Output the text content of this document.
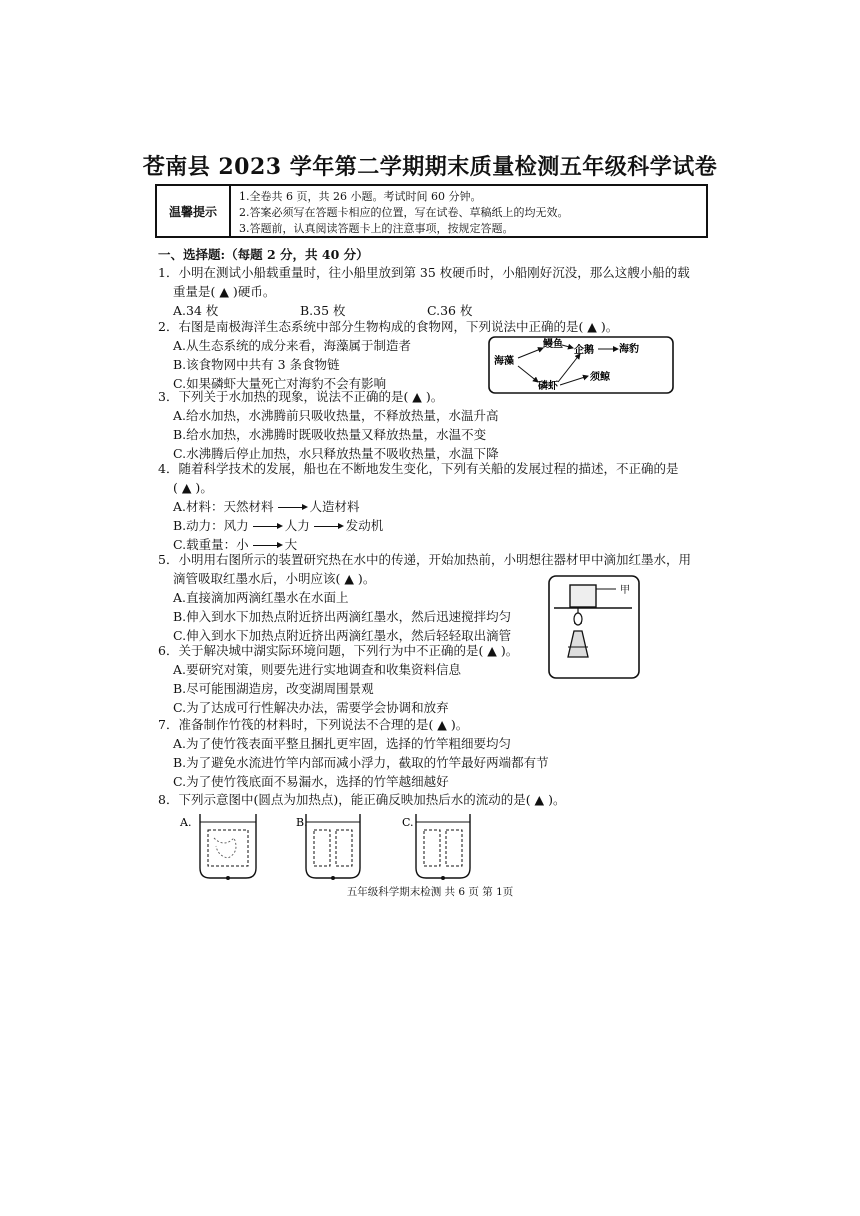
苍南县 2023 学年第二学期期末质量检测五年级科学试卷
温馨提示
1.全卷共 6 页，共 26 小题。考试时间 60 分钟。
2.答案必须写在答题卡相应的位置，写在试卷、草稿纸上的均无效。
3.答题前，认真阅读答题卡上的注意事项，按规定答题。
一、选择题:（每题 2 分，共 40 分）
1．小明在测试小船载重量时，往小船里放到第 35 枚硬币时，小船刚好沉没，那么这艘小船的载
重量是( ▲ )硬币。
A.34 枚	B.35 枚	C.36 枚
2．右图是南极海洋生态系统中部分生物构成的食物网，下列说法中正确的是( ▲ )。
A.从生态系统的成分来看，海藻属于制造者
B.该食物网中共有 3 条食物链
C.如果磷虾大量死亡对海豹不会有影响
海藻
鳗鱼
企鹅	海豹
磷虾
须鲸
3．下列关于水加热的现象，说法不正确的是( ▲ )。
A.给水加热，水沸腾前只吸收热量，不释放热量，水温升高
B.给水加热，水沸腾时既吸收热量又释放热量，水温不变
C.水沸腾后停止加热，水只释放热量不吸收热量，水温下降
4．随着科学技术的发展，船也在不断地发生变化，下列有关船的发展过程的描述，不正确的是
( ▲ )。
A.材料：天然材料	人造材料
B.动力：风力	人力	发动机
C.载重量：小	大
5．小明用右图所示的装置研究热在水中的传递，开始加热前，小明想往器材甲中滴加红墨水，用
滴管吸取红墨水后，小明应该( ▲ )。
A.直接滴加两滴红墨水在水面上
B.伸入到水下加热点附近挤出两滴红墨水，然后迅速搅拌均匀
C.伸入到水下加热点附近挤出两滴红墨水，然后轻轻取出滴管
甲
6．关于解决城中湖实际环境问题，下列行为中不正确的是( ▲ )。
A.要研究对策，则要先进行实地调查和收集资料信息
B.尽可能围湖造房，改变湖周围景观
C.为了达成可行性解决办法，需要学会协调和放弃
7．准备制作竹筏的材料时，下列说法不合理的是( ▲ )。
A.为了使竹筏表面平整且捆扎更牢固，选择的竹竿粗细要均匀
B.为了避免水流进竹竿内部而减小浮力，截取的竹竿最好两端都有节
C.为了使竹筏底面不易漏水，选择的竹竿越细越好
8．下列示意图中(圆点为加热点)，能正确反映加热后水的流动的是( ▲ )。
A.	B.	C.
五年级科学期末检测 共 6 页 第 1页
